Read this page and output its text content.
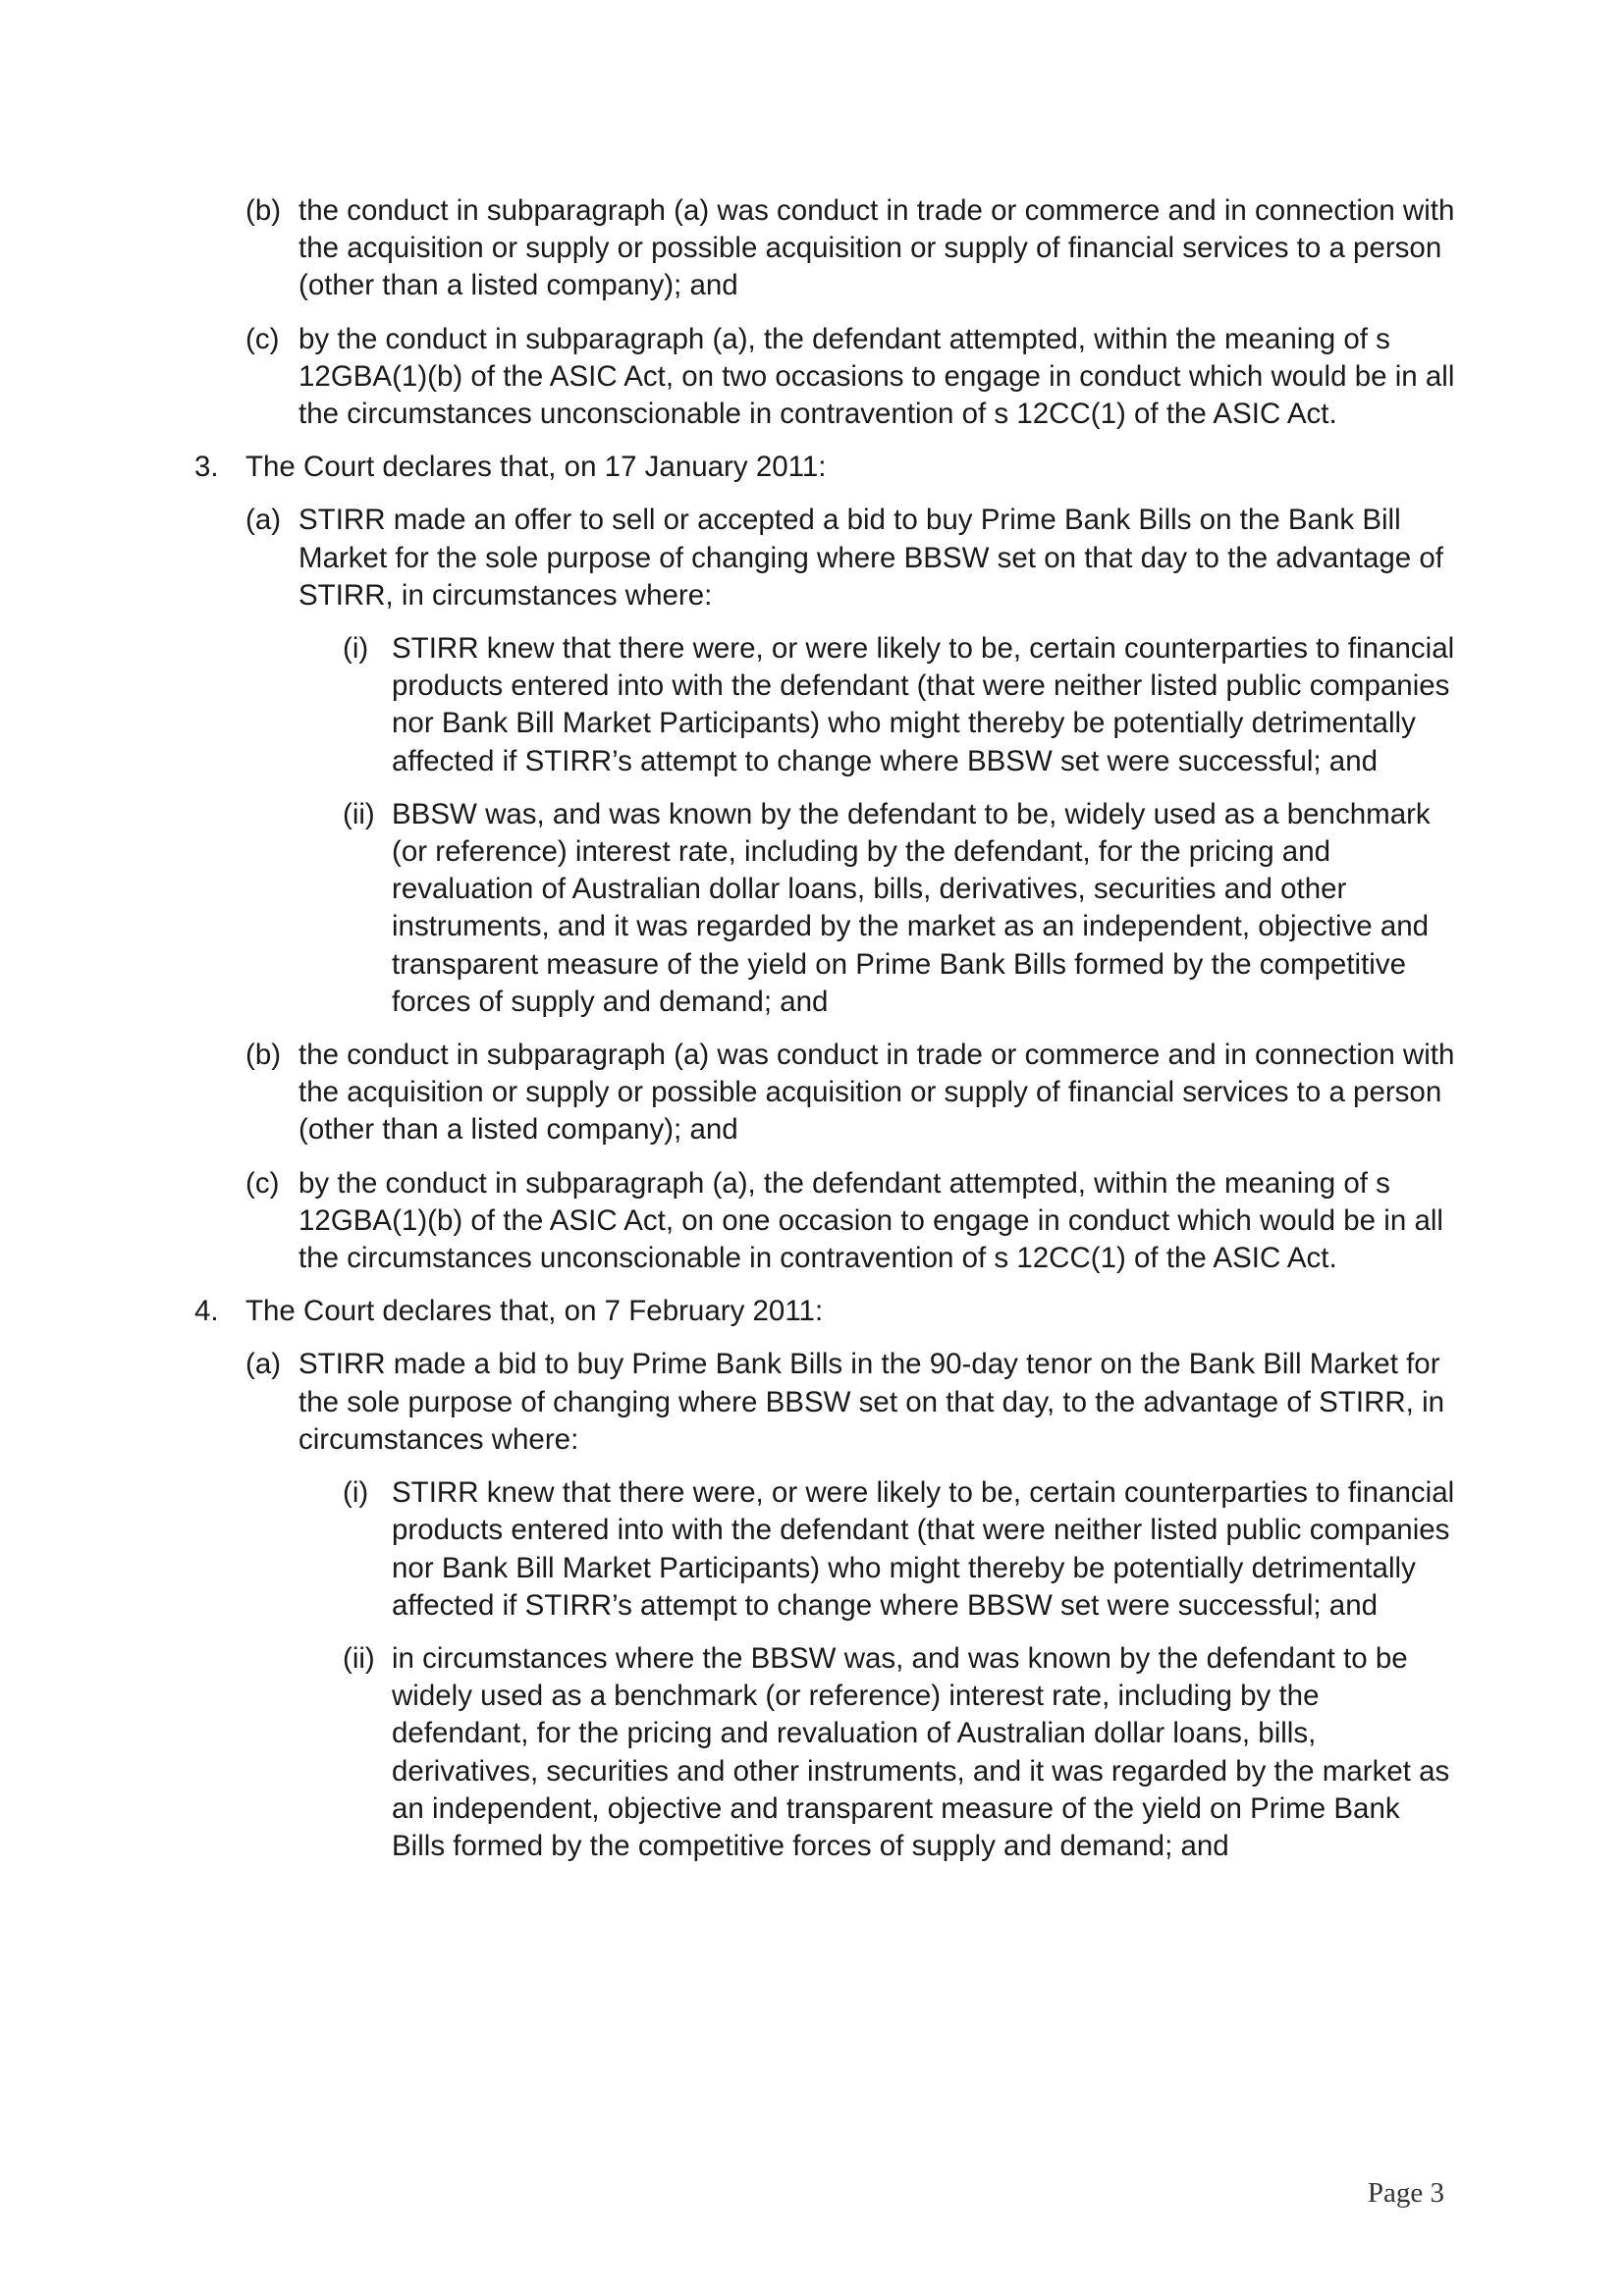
(b) the conduct in subparagraph (a) was conduct in trade or commerce and in connection with the acquisition or supply or possible acquisition or supply of financial services to a person (other than a listed company); and
(c) by the conduct in subparagraph (a), the defendant attempted, within the meaning of s 12GBA(1)(b) of the ASIC Act, on two occasions to engage in conduct which would be in all the circumstances unconscionable in contravention of s 12CC(1) of the ASIC Act.
3. The Court declares that, on 17 January 2011:
(a) STIRR made an offer to sell or accepted a bid to buy Prime Bank Bills on the Bank Bill Market for the sole purpose of changing where BBSW set on that day to the advantage of STIRR, in circumstances where:
(i) STIRR knew that there were, or were likely to be, certain counterparties to financial products entered into with the defendant (that were neither listed public companies nor Bank Bill Market Participants) who might thereby be potentially detrimentally affected if STIRR’s attempt to change where BBSW set were successful; and
(ii) BBSW was, and was known by the defendant to be, widely used as a benchmark (or reference) interest rate, including by the defendant, for the pricing and revaluation of Australian dollar loans, bills, derivatives, securities and other instruments, and it was regarded by the market as an independent, objective and transparent measure of the yield on Prime Bank Bills formed by the competitive forces of supply and demand; and
(b) the conduct in subparagraph (a) was conduct in trade or commerce and in connection with the acquisition or supply or possible acquisition or supply of financial services to a person (other than a listed company); and
(c) by the conduct in subparagraph (a), the defendant attempted, within the meaning of s 12GBA(1)(b) of the ASIC Act, on one occasion to engage in conduct which would be in all the circumstances unconscionable in contravention of s 12CC(1) of the ASIC Act.
4. The Court declares that, on 7 February 2011:
(a) STIRR made a bid to buy Prime Bank Bills in the 90-day tenor on the Bank Bill Market for the sole purpose of changing where BBSW set on that day, to the advantage of STIRR, in circumstances where:
(i) STIRR knew that there were, or were likely to be, certain counterparties to financial products entered into with the defendant (that were neither listed public companies nor Bank Bill Market Participants) who might thereby be potentially detrimentally affected if STIRR’s attempt to change where BBSW set were successful; and
(ii) in circumstances where the BBSW was, and was known by the defendant to be widely used as a benchmark (or reference) interest rate, including by the defendant, for the pricing and revaluation of Australian dollar loans, bills, derivatives, securities and other instruments, and it was regarded by the market as an independent, objective and transparent measure of the yield on Prime Bank Bills formed by the competitive forces of supply and demand; and
Page 3
